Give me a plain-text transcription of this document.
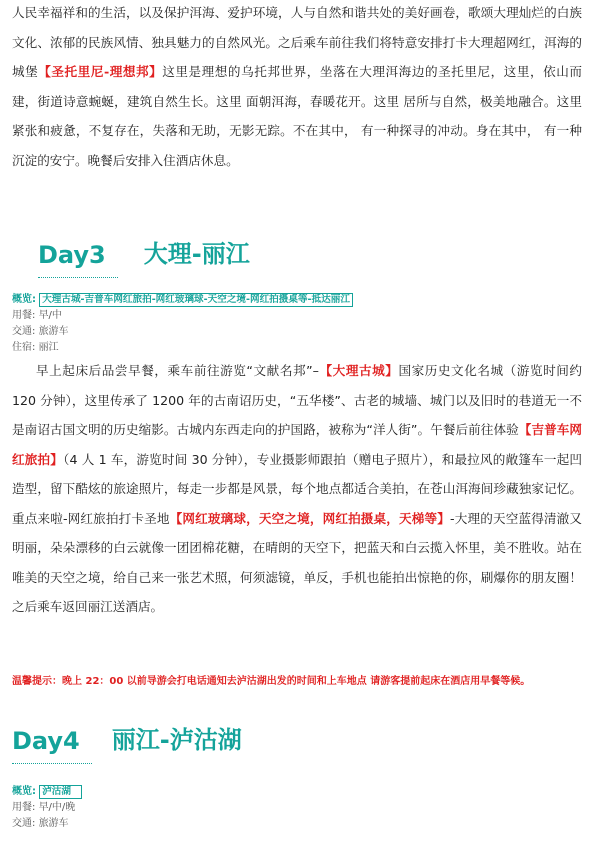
人民幸福祥和的生活，以及保护洱海、爱护环境，人与自然和谐共处的美好画卷，歌颂大理灿烂的白族文化、浓郁的民族风情、独具魅力的自然风光。之后乘车前往我们将特意安排打卡大理超网红，洱海的城堡【圣托里尼-理想邦】这里是理想的乌托邦世界，坐落在大理洱海边的圣托里尼，这里，依山而建，街道诗意蜿蜒，建筑自然生长。这里 面朝洱海，春暖花开。这里 居所与自然，极美地融合。这里 紧张和疲惫，不复存在，失落和无助，无影无踪。不在其中， 有一种探寻的冲动。身在其中， 有一种沉淀的安宁。晚餐后安排入住酒店休息。
Day3 大理-丽江
概览: 大理古城-吉普车网红旅拍-网红玻璃球-天空之境-网红拍摄桌等-抵达丽江
用餐: 早/中
交通: 旅游车
住宿: 丽江
早上起床后品尝早餐，乘车前往游览“文献名邦”–【大理古城】国家历史文化名城（游览时间约 120 分钟），这里传承了 1200 年的古南诏历史，“五华楼”、古老的城墙、城门以及旧时的巷道无一不是南诏古国文明的历史缩影。古城内东西走向的护国路，被称为“洋人街”。午餐后前往体验【吉普车网红旅拍】（4 人 1 车，游览时间 30 分钟），专业摄影师跟拍（赠电子照片），和最拉风的敞篷车一起凹造型，留下酷炫的旅途照片，每走一步都是风景，每个地点都适合美拍，在苍山洱海间珍藏独家记忆。重点来啦-网红旅拍打卡圣地【网红玻璃球，天空之境，网红拍摄桌，天梯等】-大理的天空蓝得清澈又明丽，朵朵漂移的白云就像一团团棉花糖，在晴朗的天空下，把蓝天和白云揽入怀里，美不胜收。站在唯美的天空之境，给自己来一张艺术照，何须滤镜，单反，手机也能拍出惊艳的你，刷爆你的朋友圈！之后乘车返回丽江送酒店。
温馨提示：晚上 22：00 以前导游会打电话通知去泸沽湖出发的时间和上车地点 请游客提前起床在酒店用早餐等候。
Day4 丽江-泸沽湖
概览: 泸沽湖
用餐: 早/中/晚
交通: 旅游车
